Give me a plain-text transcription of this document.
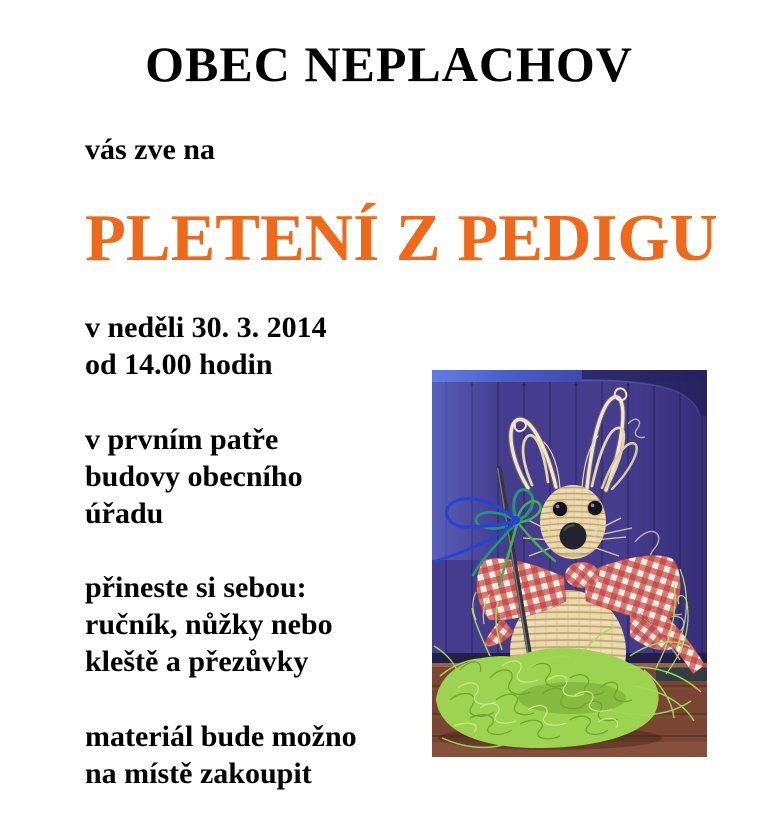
OBEC NEPLACHOV

vás zve na

PLETENÍ Z PEDIGU
v neděli 30. 3. 2014
od 14.00 hodin
v prvním patře
budovy obecního
úřadu
přineste si sebou:
ručník, nůžky nebo
kleště a přezůvky
materiál bude možno
na místě zakoupit
